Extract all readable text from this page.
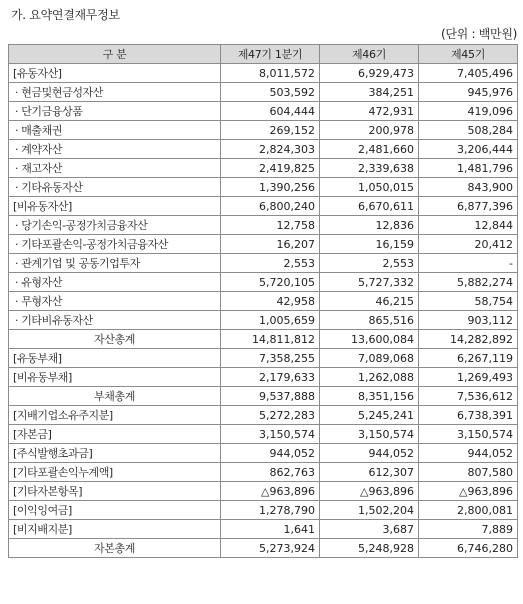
가. 요약연결재무정보
(단위 : 백만원)
구 분	제47기 1분기	제46기	제45기
[유동자산]	8,011,572	6,929,473	7,405,496
· 현금및현금성자산	503,592	384,251	945,976
· 단기금융상품	604,444	472,931	419,096
· 매출채권	269,152	200,978	508,284
· 계약자산	2,824,303	2,481,660	3,206,444
· 재고자산	2,419,825	2,339,638	1,481,796
· 기타유동자산	1,390,256	1,050,015	843,900
[비유동자산]	6,800,240	6,670,611	6,877,396
· 당기손익-공정가치금융자산	12,758	12,836	12,844
· 기타포괄손익-공정가치금융자산	16,207	16,159	20,412
· 관계기업 및 공동기업투자	2,553	2,553	-
· 유형자산	5,720,105	5,727,332	5,882,274
· 무형자산	42,958	46,215	58,754
· 기타비유동자산	1,005,659	865,516	903,112
자산총계	14,811,812	13,600,084	14,282,892
[유동부채]	7,358,255	7,089,068	6,267,119
[비유동부채]	2,179,633	1,262,088	1,269,493
부채총계	9,537,888	8,351,156	7,536,612
[지배기업소유주지분]	5,272,283	5,245,241	6,738,391
[자본금]	3,150,574	3,150,574	3,150,574
[주식발행초과금]	944,052	944,052	944,052
[기타포괄손익누계액]	862,763	612,307	807,580
[기타자본항목]	△963,896	△963,896	△963,896
[이익잉여금]	1,278,790	1,502,204	2,800,081
[비지배지분]	1,641	3,687	7,889
자본총계	5,273,924	5,248,928	6,746,280
